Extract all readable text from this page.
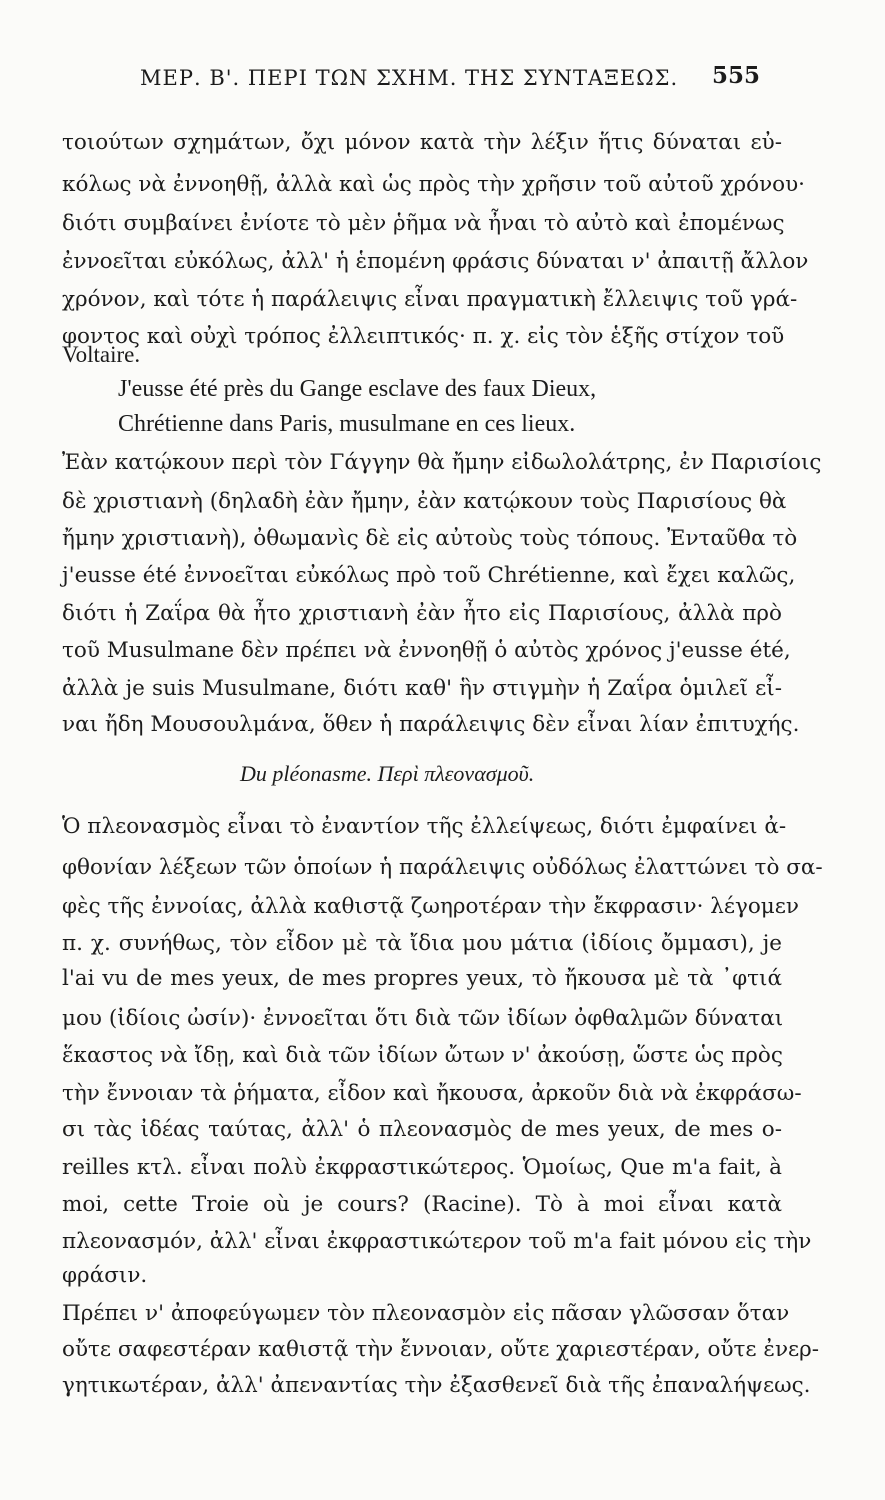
ΜΕΡ. Β'. ΠΕΡΙ ΤΩΝ ΣΧΗΜ. ΤΗΣ ΣΥΝΤΑΞΕΩΣ.	555
τοιούτων σχημάτων, ὄχι μόνον κατὰ τὴν λέξιν ἥτις δύναται εὐ-
κόλως νὰ ἐννοηθῇ, ἀλλὰ καὶ ὡς πρὸς τὴν χρῆσιν τοῦ αὐτοῦ χρόνου·
διότι συμβαίνει ἐνίοτε τὸ μὲν ῥῆμα νὰ ἦναι τὸ αὐτὸ καὶ ἐπομένως
ἐννοεῖται εὐκόλως, ἀλλ' ἡ ἑπομένη φράσις δύναται ν' ἀπαιτῇ ἄλλον
χρόνον, καὶ τότε ἡ παράλειψις εἶναι πραγματικὴ ἔλλειψις τοῦ γρά-
φοντος καὶ οὐχὶ τρόπος ἐλλειπτικός· π. χ. εἰς τὸν ἑξῆς στίχον τοῦ
Voltaire.
J'eusse été près du Gange esclave des faux Dieux,
Chrétienne dans Paris, musulmane en ces lieux.
Ἐὰν κατῴκουν περὶ τὸν Γάγγην θὰ ἤμην εἰδωλολάτρης, ἐν Παρισίοις
δὲ χριστιανὴ (δηλαδὴ ἐὰν ἤμην, ἐὰν κατῴκουν τοὺς Παρισίους θὰ
ἤμην χριστιανὴ), ὀθωμανὶς δὲ εἰς αὐτοὺς τοὺς τόπους. Ἐνταῦθα τὸ
j'eusse été ἐννοεῖται εὐκόλως πρὸ τοῦ Chrétienne, καὶ ἔχει καλῶς,
διότι ἡ Ζαΐρα θὰ ἦτο χριστιανὴ ἐὰν ἦτο εἰς Παρισίους, ἀλλὰ πρὸ
τοῦ Musulmane δὲν πρέπει νὰ ἐννοηθῇ ὁ αὐτὸς χρόνος j'eusse été,
ἀλλὰ je suis Musulmane, διότι καθ' ἣν στιγμὴν ἡ Ζαΐρα ὁμιλεῖ εἶ-
ναι ἤδη Μουσουλμάνα, ὅθεν ἡ παράλειψις δὲν εἶναι λίαν ἐπιτυχής.
Du pléonasme. Περὶ πλεονασμοῦ.
Ὁ πλεονασμὸς εἶναι τὸ ἐναντίον τῆς ἐλλείψεως, διότι ἐμφαίνει ἀ-
φθονίαν λέξεων τῶν ὁποίων ἡ παράλειψις οὐδόλως ἐλαττώνει τὸ σα-
φὲς τῆς ἐννοίας, ἀλλὰ καθιστᾷ ζωηροτέραν τὴν ἔκφρασιν· λέγομεν
π. χ. συνήθως, τὸν εἶδον μὲ τὰ ἴδια μου μάτια (ἰδίοις ὄμμασι), je
l'ai vu de mes yeux, de mes propres yeux, τὸ ἤκουσα μὲ τὰ ᾽φτιά
μου (ἰδίοις ὠσίν)· ἐννοεῖται ὅτι διὰ τῶν ἰδίων ὀφθαλμῶν δύναται
ἕκαστος νὰ ἴδῃ, καὶ διὰ τῶν ἰδίων ὤτων ν' ἀκούσῃ, ὥστε ὡς πρὸς
τὴν ἔννοιαν τὰ ῥήματα, εἶδον καὶ ἤκουσα, ἀρκοῦν διὰ νὰ ἐκφράσω-
σι τὰς ἰδέας ταύτας, ἀλλ' ὁ πλεονασμὸς de mes yeux, de mes o-
reilles κτλ. εἶναι πολὺ ἐκφραστικώτερος. Ὁμοίως, Que m'a fait, à
moi, cette Troie où je cours? (Racine). Τὸ à moi εἶναι κατὰ
πλεονασμόν, ἀλλ' εἶναι ἐκφραστικώτερον τοῦ m'a fait μόνου εἰς τὴν
φράσιν.
Πρέπει ν' ἀποφεύγωμεν τὸν πλεονασμὸν εἰς πᾶσαν γλῶσσαν ὅταν
οὔτε σαφεστέραν καθιστᾷ τὴν ἔννοιαν, οὔτε χαριεστέραν, οὔτε ἐνερ-
γητικωτέραν, ἀλλ' ἀπεναντίας τὴν ἐξασθενεῖ διὰ τῆς ἐπαναλήψεως.
